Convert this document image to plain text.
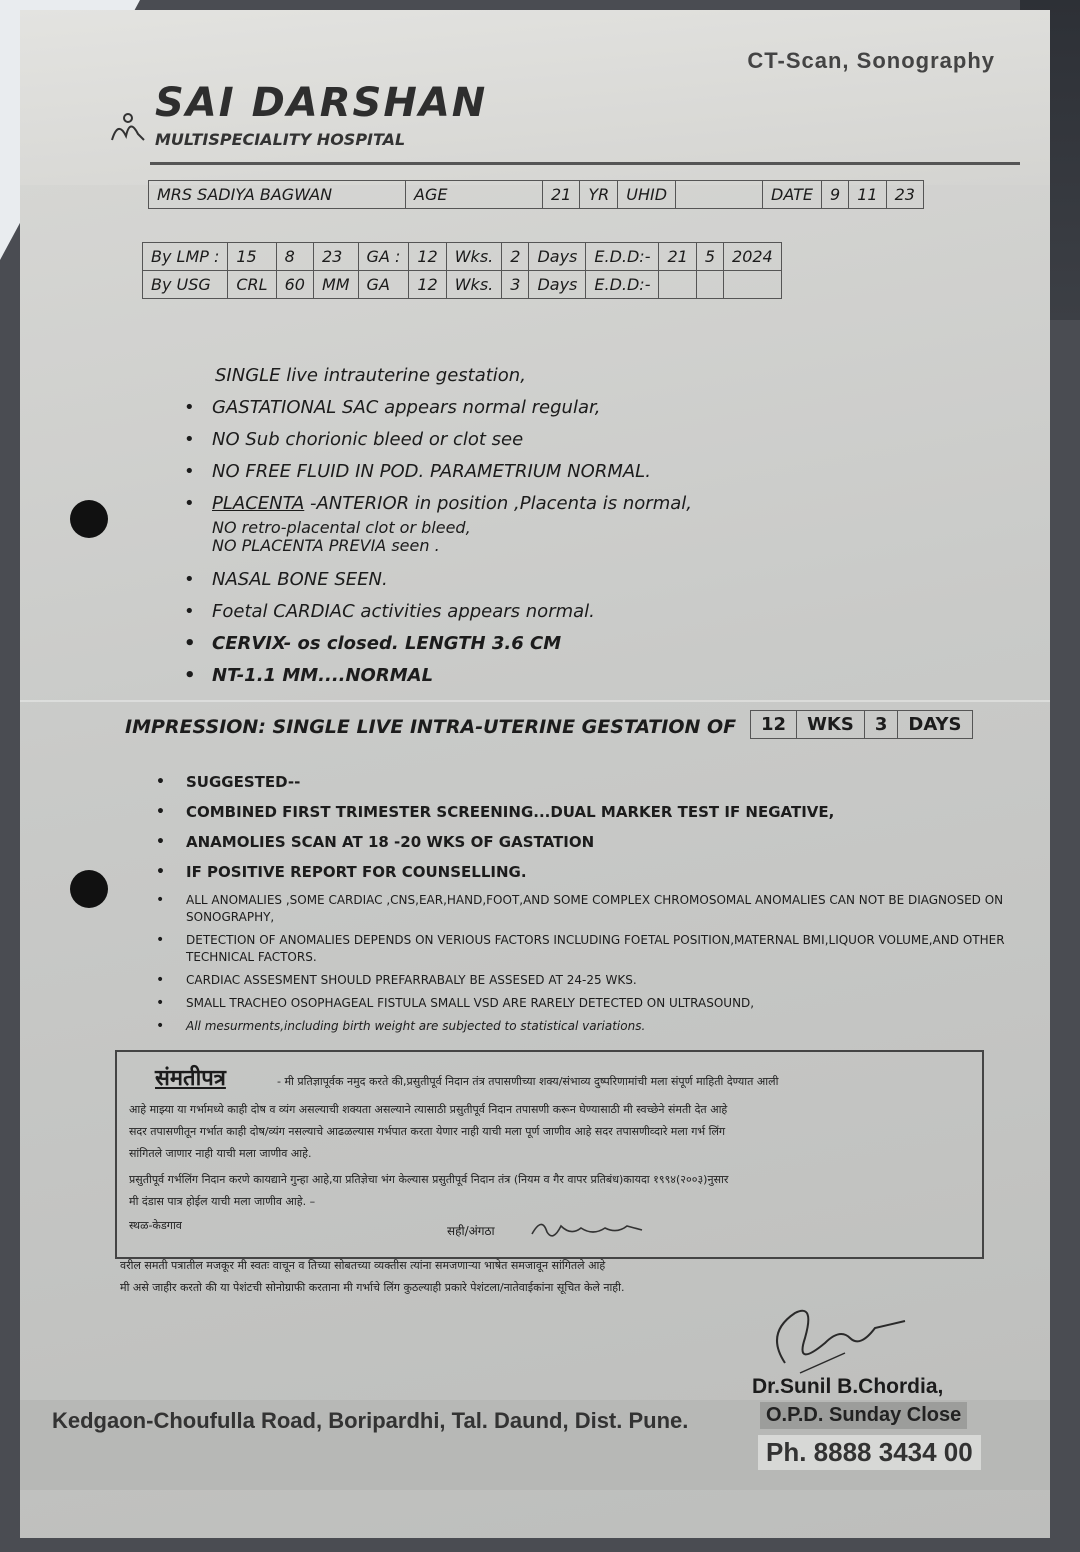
CT-Scan, Sonography
SAI DARSHAN
MULTISPECIALITY HOSPITAL
MRS SADIYA BAGWAN	AGE	21	YR	UHID		DATE	9	11	23
By LMP :	15	8	23	GA :	12	Wks.	2	Days	E.D.D:-	21	5	2024
By USG	CRL	60	MM	GA	12	Wks.	3	Days	E.D.D:-			
SINGLE live intrauterine gestation,
• GASTATIONAL SAC appears normal regular,
• NO Sub chorionic bleed or clot see
• NO FREE FLUID IN POD. PARAMETRIUM NORMAL.
• PLACENTA -ANTERIOR in position ,Placenta is normal,
NO retro-placental clot or bleed,
NO PLACENTA PREVIA seen .
• NASAL BONE SEEN.
• Foetal CARDIAC activities appears normal.
• CERVIX- os closed. LENGTH 3.6 CM
• NT-1.1 MM....NORMAL
IMPRESSION: SINGLE LIVE INTRA-UTERINE GESTATION OF	12	WKS	3	DAYS
• SUGGESTED--
• COMBINED FIRST TRIMESTER SCREENING...DUAL MARKER TEST IF NEGATIVE,
• ANAMOLIES SCAN AT 18 -20 WKS OF GASTATION
• IF POSITIVE REPORT FOR COUNSELLING.
• ALL ANOMALIES ,SOME CARDIAC ,CNS,EAR,HAND,FOOT,AND SOME COMPLEX CHROMOSOMAL ANOMALIES CAN NOT BE DIAGNOSED ON SONOGRAPHY,
• DETECTION OF ANOMALIES DEPENDS ON VERIOUS FACTORS INCLUDING FOETAL POSITION,MATERNAL BMI,LIQUOR VOLUME,AND OTHER TECHNICAL FACTORS.
• CARDIAC ASSESMENT SHOULD PREFARRABALY BE ASSESED AT 24-25 WKS.
• SMALL TRACHEO OSOPHAGEAL FISTULA SMALL VSD ARE RARELY DETECTED ON ULTRASOUND,
• All mesurments,including birth weight are subjected to statistical variations.
संमतीपत्र	- मी प्रतिज्ञापूर्वक नमुद करते की,प्रसुतीपूर्व निदान तंत्र तपासणीच्या शक्य/संभाव्य दुष्परिणामांची मला संपूर्ण माहिती देण्यात आली
आहे माझ्या या गर्भामध्ये काही दोष व व्यंग असल्याची शक्यता असल्याने त्यासाठी प्रसुतीपूर्व निदान तपासणी करून घेण्यासाठी मी स्वच्छेने संमती देत आहे
सदर तपासणीतून गर्भात काही दोष/व्यंग नसल्याचे आढळल्यास गर्भपात करता येणार नाही याची मला पूर्ण जाणीव आहे सदर तपासणीव्दारे मला गर्भ लिंग
सांगितले जाणार नाही याची मला जाणीव आहे.
प्रसुतीपूर्व गर्भलिंग निदान करणे कायद्याने गुन्हा आहे,या प्रतिज्ञेचा भंग केल्यास प्रसुतीपूर्व निदान तंत्र (नियम व गैर वापर प्रतिबंध)कायदा १९९४(२००३)नुसार
मी दंडास पात्र होईल याची मला जाणीव आहे. –
स्थळ-केडगाव	सही/अंगठा
वरील समती पत्रातील मजकूर मी स्वतः वाचून व तिच्या सोबतच्या व्यक्तीस त्यांना समजणाऱ्या भाषेत समजावून सांगितले आहे
मी असे जाहीर करतो की या पेशंटची सोनोग्राफी करताना मी गर्भाचे लिंग कुठल्याही प्रकारे पेशंटला/नातेवाईकांना सूचित केले नाही.
Dr.Sunil B.Chordia,
Kedgaon-Choufulla Road, Boripardhi, Tal. Daund, Dist. Pune.	O.P.D. Sunday Close
Ph. 8888 3434 00
